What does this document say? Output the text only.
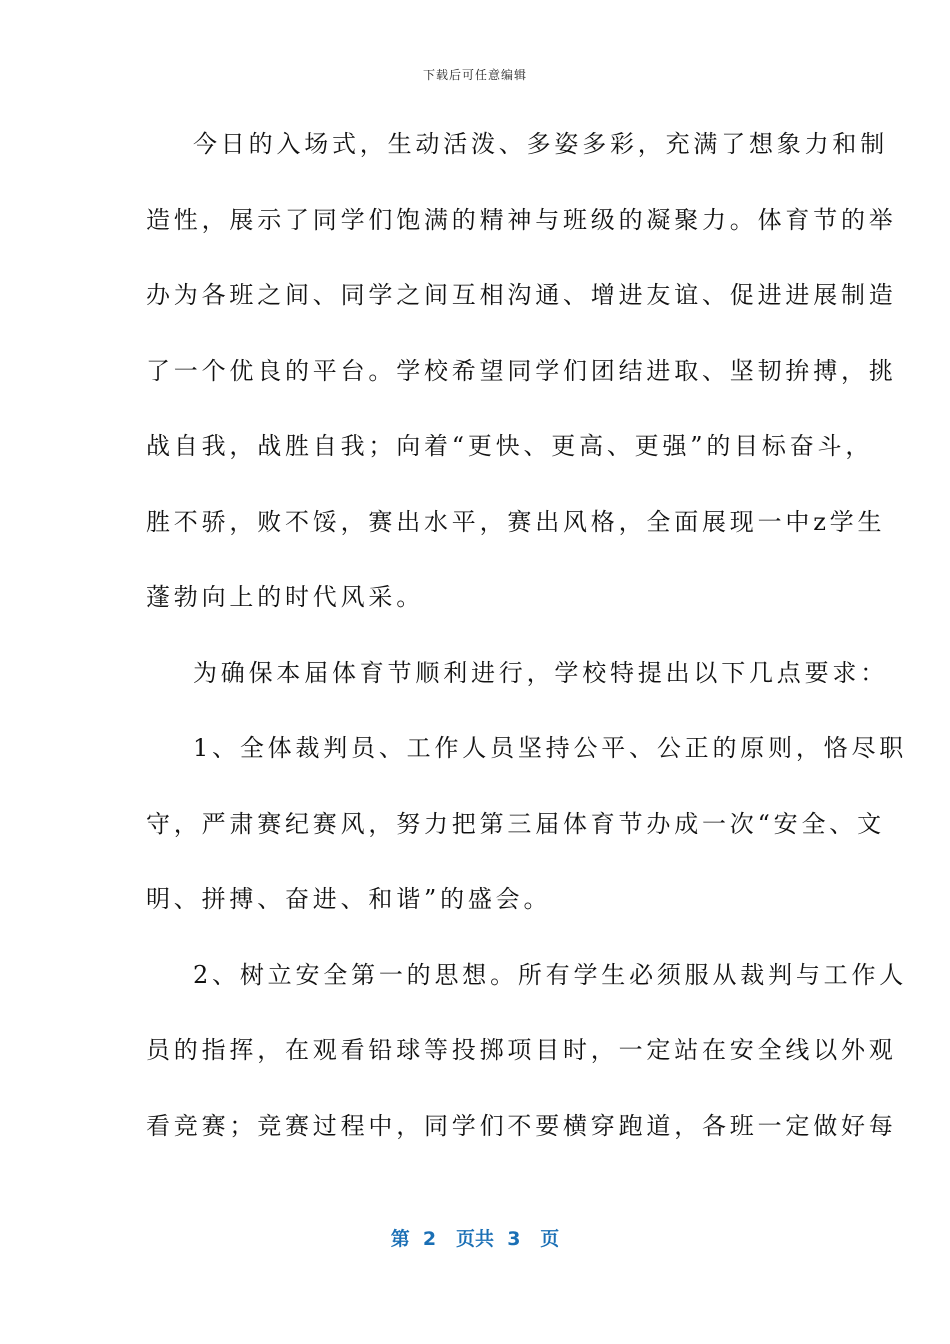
下载后可任意编辑
今日的入场式，生动活泼、多姿多彩，充满了想象力和制
造性，展示了同学们饱满的精神与班级的凝聚力。体育节的举
办为各班之间、同学之间互相沟通、增进友谊、促进进展制造
了一个优良的平台。学校希望同学们团结进取、坚韧拚搏，挑
战自我，战胜自我；向着“更快、更高、更强”的目标奋斗，
胜不骄，败不馁，赛出水平，赛出风格，全面展现一中z学生
蓬勃向上的时代风采。
为确保本届体育节顺利进行，学校特提出以下几点要求：
1、全体裁判员、工作人员坚持公平、公正的原则，恪尽职
守，严肃赛纪赛风，努力把第三届体育节办成一次“安全、文
明、拼搏、奋进、和谐”的盛会。
2、树立安全第一的思想。所有学生必须服从裁判与工作人
员的指挥，在观看铅球等投掷项目时，一定站在安全线以外观
看竞赛；竞赛过程中，同学们不要横穿跑道，各班一定做好每
第  2   页共  3   页
